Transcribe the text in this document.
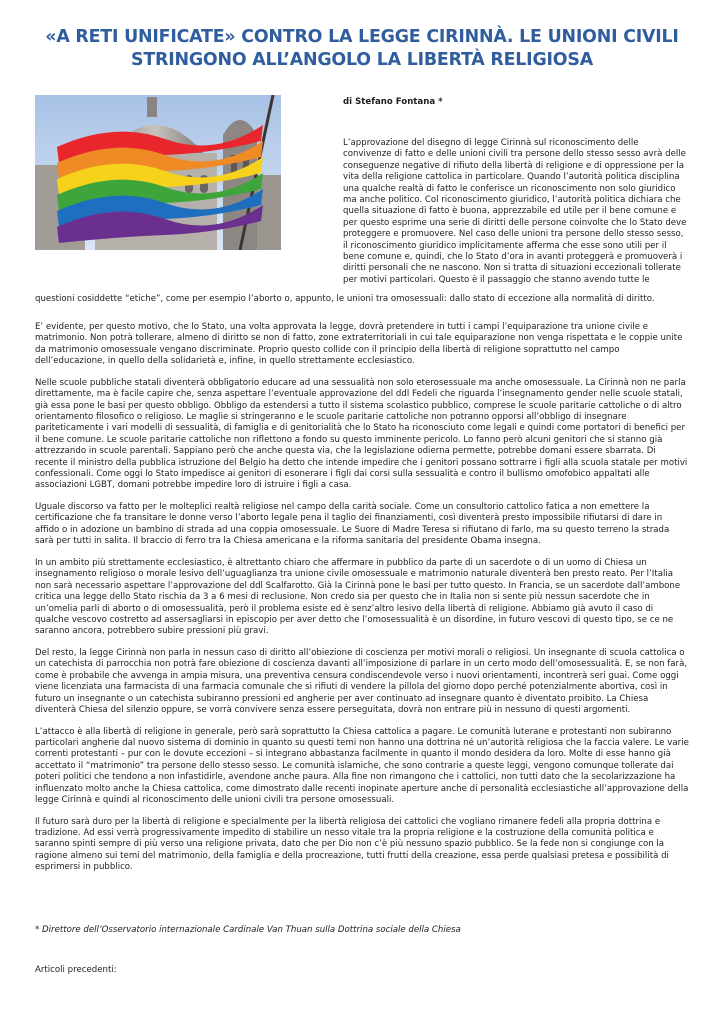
«A RETI UNIFICATE» CONTRO LA LEGGE CIRINNÀ. LE UNIONI CIVILI
STRINGONO ALL’ANGOLO LA LIBERTÀ RELIGIOSA
di Stefano Fontana *
L’approvazione del disegno di legge Cirinnà sul riconoscimento delle convivenze di fatto e delle unioni civili tra persone dello stesso sesso avrà delle conseguenze negative di rifiuto della libertà di religione e di oppressione per la vita della religione cattolica in particolare. Quando l’autorità politica disciplina una qualche realtà di fatto le conferisce un riconoscimento non solo giuridico ma anche politico. Col riconoscimento giuridico, l’autorità politica dichiara che quella situazione di fatto è buona, apprezzabile ed utile per il bene comune e per questo esprime una serie di diritti delle persone coinvolte che lo Stato deve proteggere e promuovere. Nel caso delle unioni tra persone dello stesso sesso, il riconoscimento giuridico implicitamente afferma che esse sono utili per il bene comune e, quindi, che lo Stato d’ora in avanti proteggerà e promuoverà i diritti personali che ne nascono. Non si tratta di situazioni eccezionali tollerate per motivi particolari. Questo è il passaggio che stanno avendo tutte le
questioni cosiddette “etiche”, come per esempio l’aborto o, appunto, le unioni tra omosessuali: dallo stato di eccezione alla normalità di diritto.

E’ evidente, per questo motivo, che lo Stato, una volta approvata la legge, dovrà pretendere in tutti i campi l’equiparazione tra unione civile e matrimonio. Non potrà tollerare, almeno di diritto se non di fatto, zone extraterritoriali in cui tale equiparazione non venga rispettata e le coppie unite da matrimonio omosessuale vengano discriminate. Proprio questo collide con il principio della libertà di religione soprattutto nel campo dell’educazione, in quello della solidarietà e, infine, in quello strettamente ecclesiastico.

Nelle scuole pubbliche statali diventerà obbligatorio educare ad una sessualità non solo eterosessuale ma anche omosessuale. La Cirinnà non ne parla direttamente, ma è facile capire che, senza aspettare l’eventuale approvazione del ddl Fedeli che riguarda l’insegnamento gender nelle scuole statali, già essa pone le basi per questo obbligo. Obbligo da estendersi a tutto il sistema scolastico pubblico, comprese le scuole paritarie cattoliche o di altro orientamento filosofico o religioso. Le maglie si stringeranno e le scuole paritarie cattoliche non potranno opporsi all’obbligo di insegnare pariteticamente i vari modelli di sessualità, di famiglia e di genitorialità che lo Stato ha riconosciuto come legali e quindi come portatori di benefici per il bene comune. Le scuole paritarie cattoliche non riflettono a fondo su questo imminente pericolo. Lo fanno però alcuni genitori che si stanno già attrezzando in scuole parentali. Sappiano però che anche questa via, che la legislazione odierna permette, potrebbe domani essere sbarrata. Di recente il ministro della pubblica istruzione del Belgio ha detto che intende impedire che i genitori possano sottrarre i figli alla scuola statale per motivi confessionali. Come oggi lo Stato impedisce ai genitori di esonerare i figli dai corsi sulla sessualità e contro il bullismo omofobico appaltati alle associazioni LGBT, domani potrebbe impedire loro di istruire i figli a casa.

Uguale discorso va fatto per le molteplici realtà religiose nel campo della carità sociale. Come un consultorio cattolico fatica a non emettere la certificazione che fa transitare le donne verso l’aborto legale pena il taglio dei finanziamenti, così diventerà presto impossibile rifiutarsi di dare in affido o in adozione un bambino di strada ad una coppia omosessuale. Le Suore di Madre Teresa si rifiutano di farlo, ma su questo terreno la strada sarà per tutti in salita. Il braccio di ferro tra la Chiesa americana e la riforma sanitaria del presidente Obama insegna.

In un ambito più strettamente ecclesiastico, è altrettanto chiaro che affermare in pubblico da parte di un sacerdote o di un uomo di Chiesa un insegnamento religioso o morale lesivo dell’uguaglianza tra unione civile omosessuale e matrimonio naturale diventerà ben presto reato. Per l’Italia non sarà necessario aspettare l’approvazione del ddl Scalfarotto. Già la Cirinnà pone le basi per tutto questo. In Francia, se un sacerdote dall’ambone critica una legge dello Stato rischia da 3 a 6 mesi di reclusione. Non credo sia per questo che in Italia non si sente più nessun sacerdote che in un’omelia parli di aborto o di omosessualità, però il problema esiste ed è senz’altro lesivo della libertà di religione. Abbiamo già avuto il caso di qualche vescovo costretto ad assersagliarsi in episcopio per aver detto che l’omosessualità è un disordine, in futuro vescovi di questo tipo, se ce ne saranno ancora, potrebbero subire pressioni più gravi.

Del resto, la legge Cirinnà non parla in nessun caso di diritto all’obiezione di coscienza per motivi morali o religiosi. Un insegnante di scuola cattolica o un catechista di parrocchia non potrà fare obiezione di coscienza davanti all’imposizione di parlare in un certo modo dell’omosessualità. E, se non farà, come è probabile che avvenga in ampia misura, una preventiva censura condiscendevole verso i nuovi orientamenti, incontrerà seri guai. Come oggi viene licenziata una farmacista di una farmacia comunale che si rifiuti di vendere la pillola del giorno dopo perché potenzialmente abortiva, così in futuro un insegnante o un catechista subiranno pressioni ed angherie per aver continuato ad insegnare quanto è diventato proibito. La Chiesa diventerà Chiesa del silenzio oppure, se vorrà convivere senza essere perseguitata, dovrà non entrare più in nessuno di questi argomenti.

L’attacco è alla libertà di religione in generale, però sarà soprattutto la Chiesa cattolica a pagare. Le comunità luterane e protestanti non subiranno particolari angherie dal nuovo sistema di dominio in quanto su questi temi non hanno una dottrina né un’autorità religiosa che la faccia valere. Le varie correnti protestanti – pur con le dovute eccezioni – si integrano abbastanza facilmente in quanto il mondo desidera da loro. Molte di esse hanno già accettato il “matrimonio” tra persone dello stesso sesso. Le comunità islamiche, che sono contrarie a queste leggi, vengono comunque tollerate dai poteri politici che tendono a non infastidirle, avendone anche paura. Alla fine non rimangono che i cattolici, non tutti dato che la secolarizzazione ha influenzato molto anche la Chiesa cattolica, come dimostrato dalle recenti inopinate aperture anche di personalità ecclesiastiche all’approvazione della legge Cirinnà e quindi al riconoscimento delle unioni civili tra persone omosessuali.

Il futuro sarà duro per la libertà di religione e specialmente per la libertà religiosa dei cattolici che vogliano rimanere fedeli alla propria dottrina e tradizione. Ad essi verrà progressivamente impedito di stabilire un nesso vitale tra la propria religione e la costruzione della comunità politica e saranno spinti sempre di più verso una religione privata, dato che per Dio non c’è più nessuno spazio pubblico. Se la fede non si congiunge con la ragione almeno sui temi del matrimonio, della famiglia e della procreazione, tutti frutti della creazione, essa perde qualsiasi pretesa e possibilità di esprimersi in pubblico.

* Direttore dell’Osservatorio internazionale Cardinale Van Thuan sulla Dottrina sociale della Chiesa
Articoli precedenti:
